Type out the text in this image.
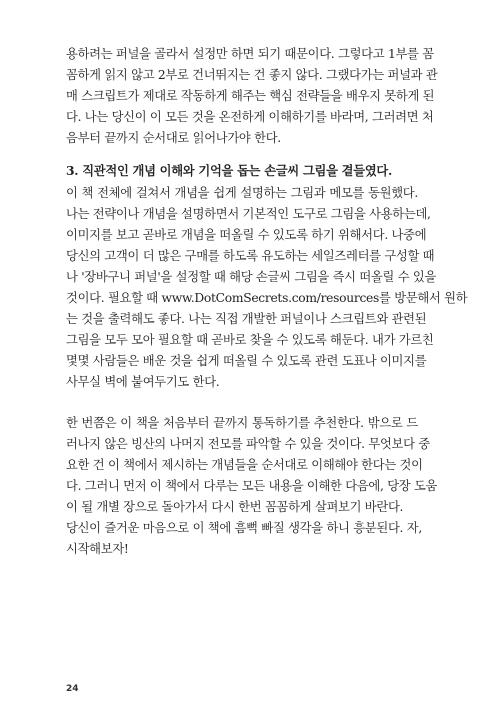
용하려는 퍼널을 골라서 설정만 하면 되기 때문이다. 그렇다고 1부를 꼼
꼼하게 읽지 않고 2부로 건너뛰지는 건 좋지 않다. 그랬다가는 퍼널과 관
매 스크립트가 제대로 작동하게 해주는 핵심 전략들을 배우지 못하게 된
다. 나는 당신이 이 모든 것을 온전하게 이해하기를 바라며, 그러려면 처
음부터 끝까지 순서대로 읽어나가야 한다.
3. 직관적인 개념 이해와 기억을 돕는 손글씨 그림을 곁들였다.
이 책 전체에 걸쳐서 개념을 쉽게 설명하는 그림과 메모를 동원했다.
나는 전략이나 개념을 설명하면서 기본적인 도구로 그림을 사용하는데,
이미지를 보고 곧바로 개념을 떠올릴 수 있도록 하기 위해서다. 나중에
당신의 고객이 더 많은 구매를 하도록 유도하는 세일즈레터를 구성할 때
나 '장바구니 퍼널'을 설정할 때 해당 손글씨 그림을 즉시 떠올릴 수 있을
것이다. 필요할 때 www.DotComSecrets.com/resources를 방문해서 원하
는 것을 출력해도 좋다. 나는 직접 개발한 퍼널이나 스크립트와 관련된
그림을 모두 모아 필요할 때 곧바로 찾을 수 있도록 해둔다. 내가 가르친
몇몇 사람들은 배운 것을 쉽게 떠올릴 수 있도록 관련 도표나 이미지를
사무실 벽에 붙여두기도 한다.
한 번쯤은 이 책을 처음부터 끝까지 통독하기를 추천한다. 밖으로 드
러나지 않은 빙산의 나머지 전모를 파악할 수 있을 것이다. 무엇보다 중
요한 건 이 책에서 제시하는 개념들을 순서대로 이해해야 한다는 것이
다. 그러니 먼저 이 책에서 다루는 모든 내용을 이해한 다음에, 당장 도움
이 될 개별 장으로 돌아가서 다시 한번 꼼꼼하게 살펴보기 바란다.
당신이 즐거운 마음으로 이 책에 흠뻑 빠질 생각을 하니 흥분된다. 자,
시작해보자!
24
